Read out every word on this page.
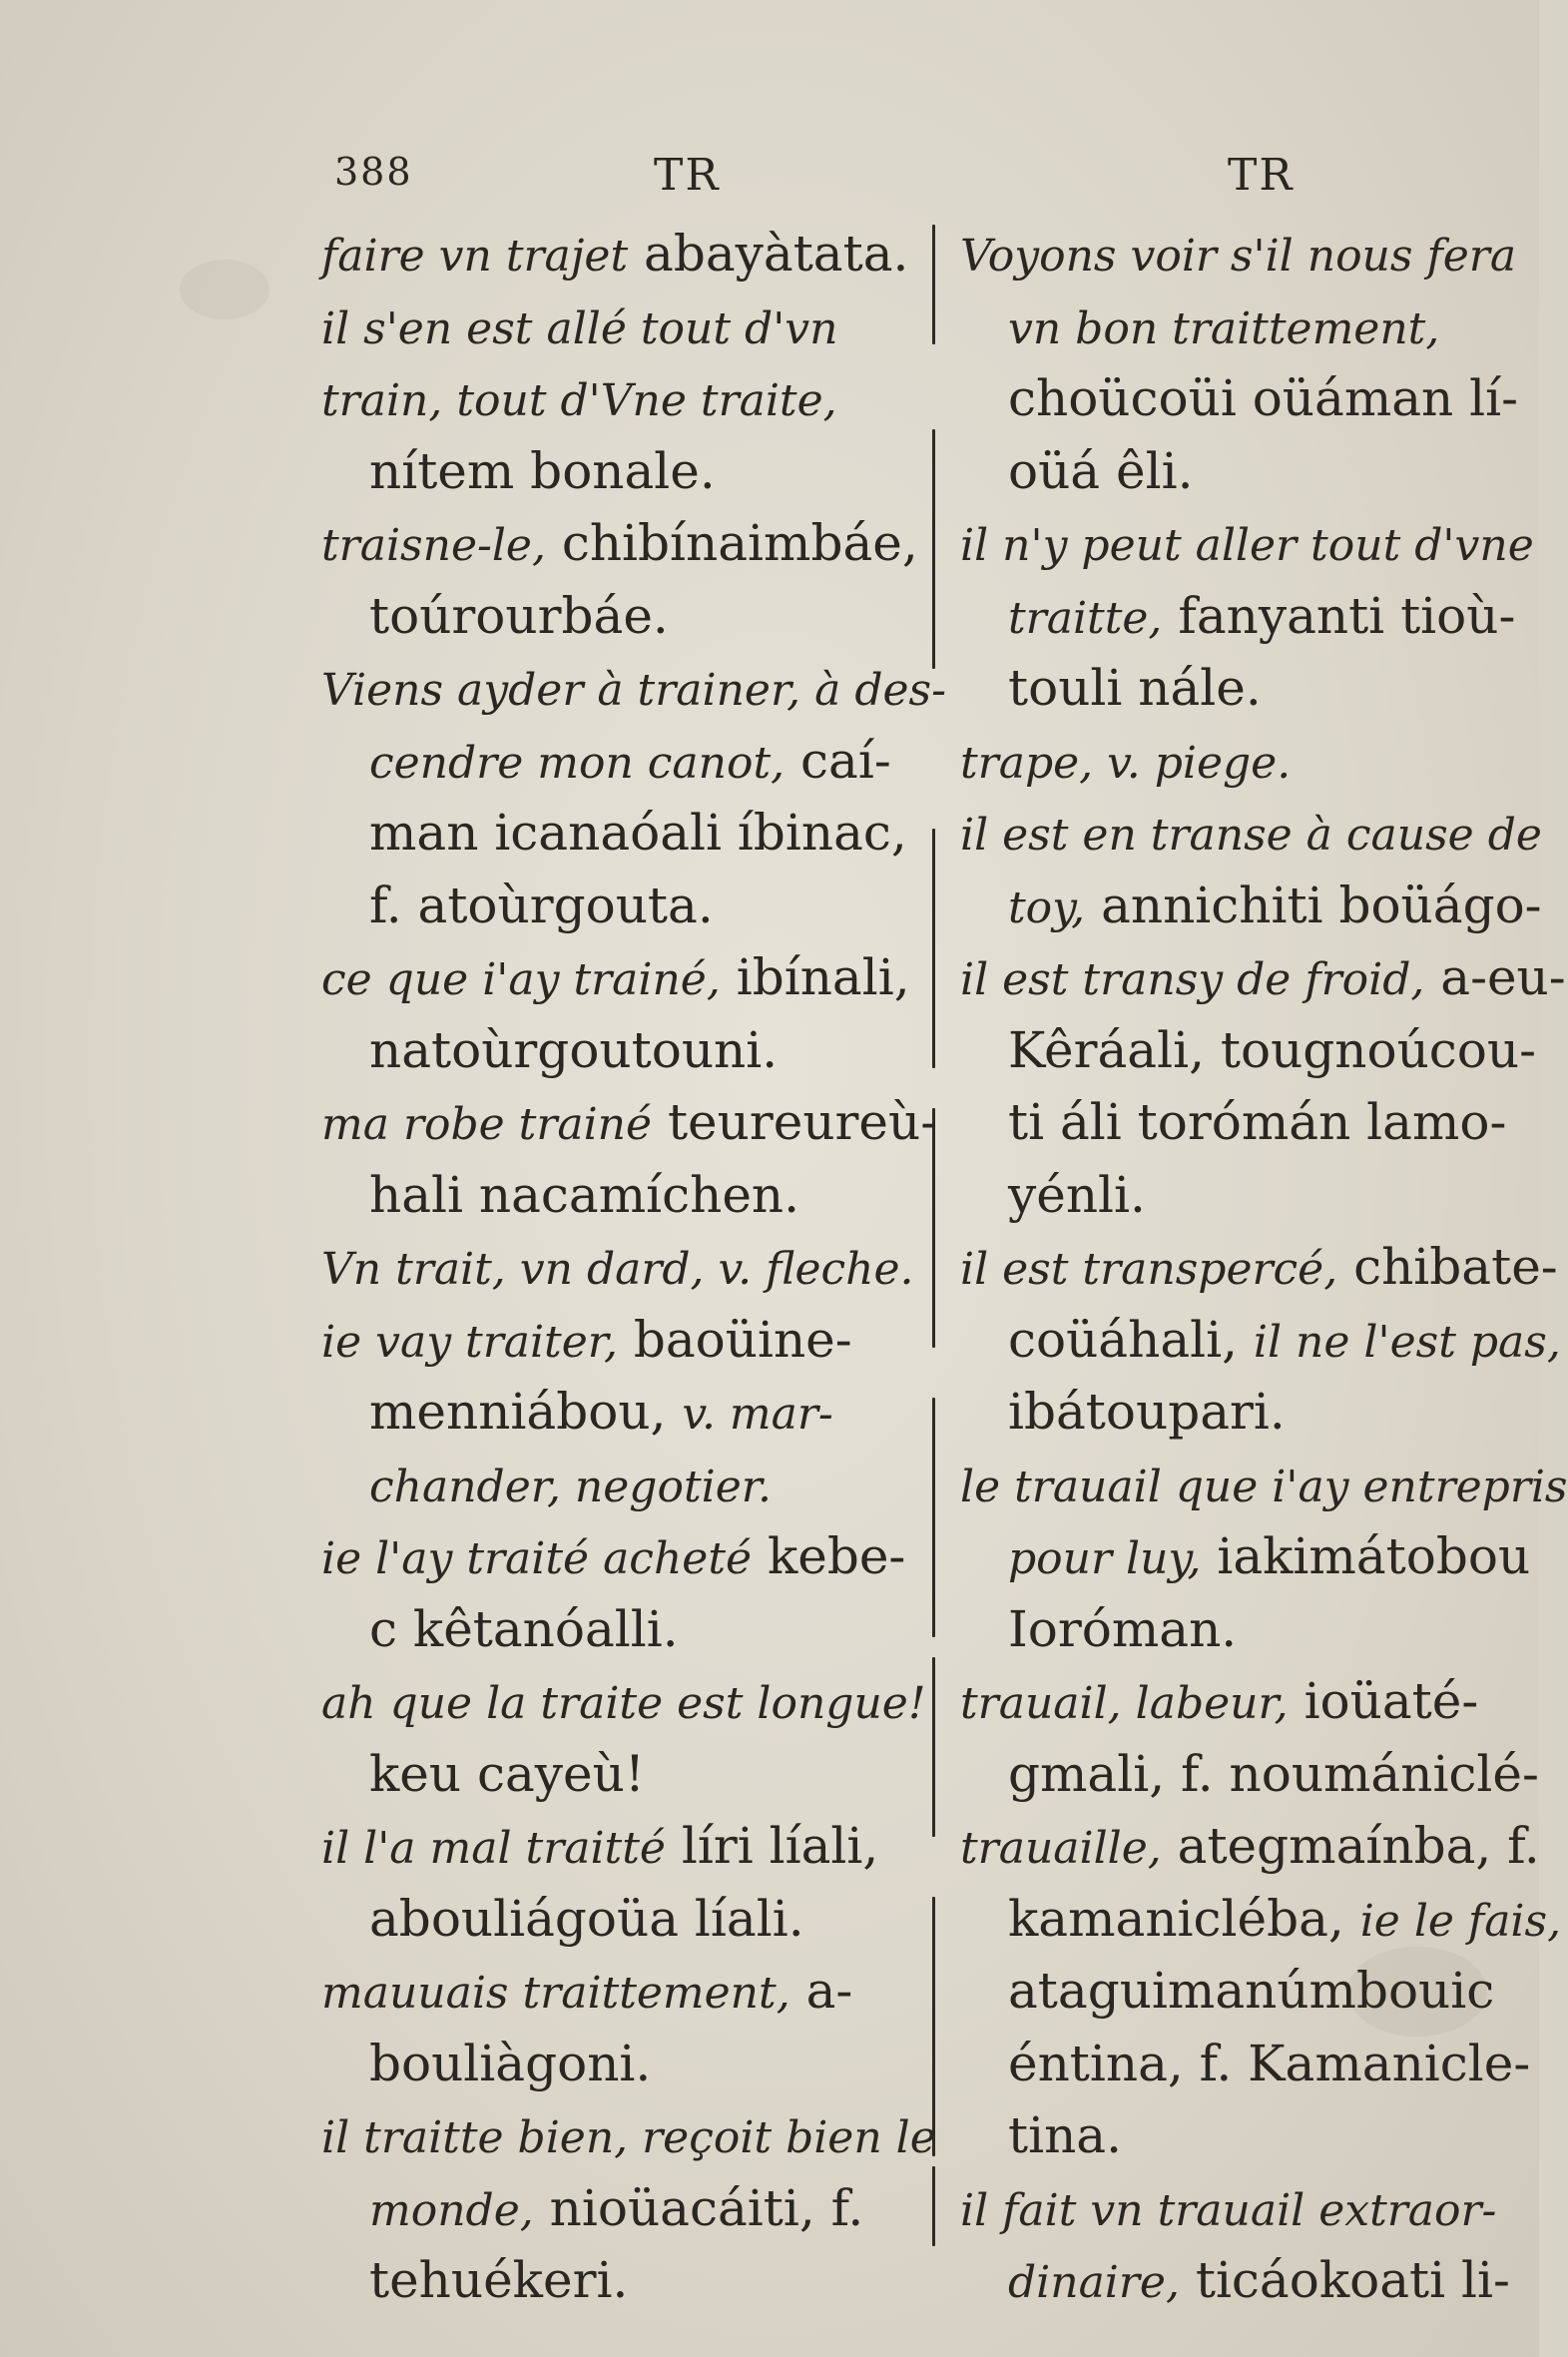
388	TR	TR
faire vn trajet abayàtata.
il s'en est allé tout d'vn
train, tout d'Vne traite,
nítem bonale.
traisne-le, chibínaimbáe,
toúrourbáe.
Viens ayder à trainer, à des-
cendre mon canot, caí-
man icanaóali íbinac,
f. atoùrgouta.
ce que i'ay trainé, ibínali,
natoùrgoutouni.
ma robe trainé teureureù-
hali nacamíchen.
Vn trait, vn dard, v. fleche.
ie vay traiter, baoüine-
menniábou, v. mar-
chander, negotier.
ie l'ay traité acheté kebe-
c kêtanóalli.
ah que la traite est longue!
keu cayeù!
il l'a mal traitté líri líali,
abouliágoüa líali.
mauuais traittement, a-
bouliàgoni.
il traitte bien, reçoit bien le
monde, nioüacáiti, f.
tehuékeri.
Voyons voir s'il nous fera
vn bon traittement,
choücoüi oüáman lí-
oüá êli.
il n'y peut aller tout d'vne
traitte, fanyanti tioù-
touli nále.
trape, v. piege.
il est en transe à cause de
toy, annichiti boüágo-
il est transy de froid, a-eu-
Kêráali, tougnoúcou-
ti áli torómán lamo-
yénli.
il est transpercé, chibate-
coüáhali, il ne l'est pas,
ibátoupari.
le trauail que i'ay entrepris
pour luy, iakimátobou
Ioróman.
trauail, labeur, ioüaté-
gmali, f. noumániclé-
trauaille, ategmaínba, f.
kamanicléba, ie le fais,
ataguimanúmbouic
éntina, f. Kamanicle-
tina.
il fait vn trauail extraor-
dinaire, ticáokoati li-
